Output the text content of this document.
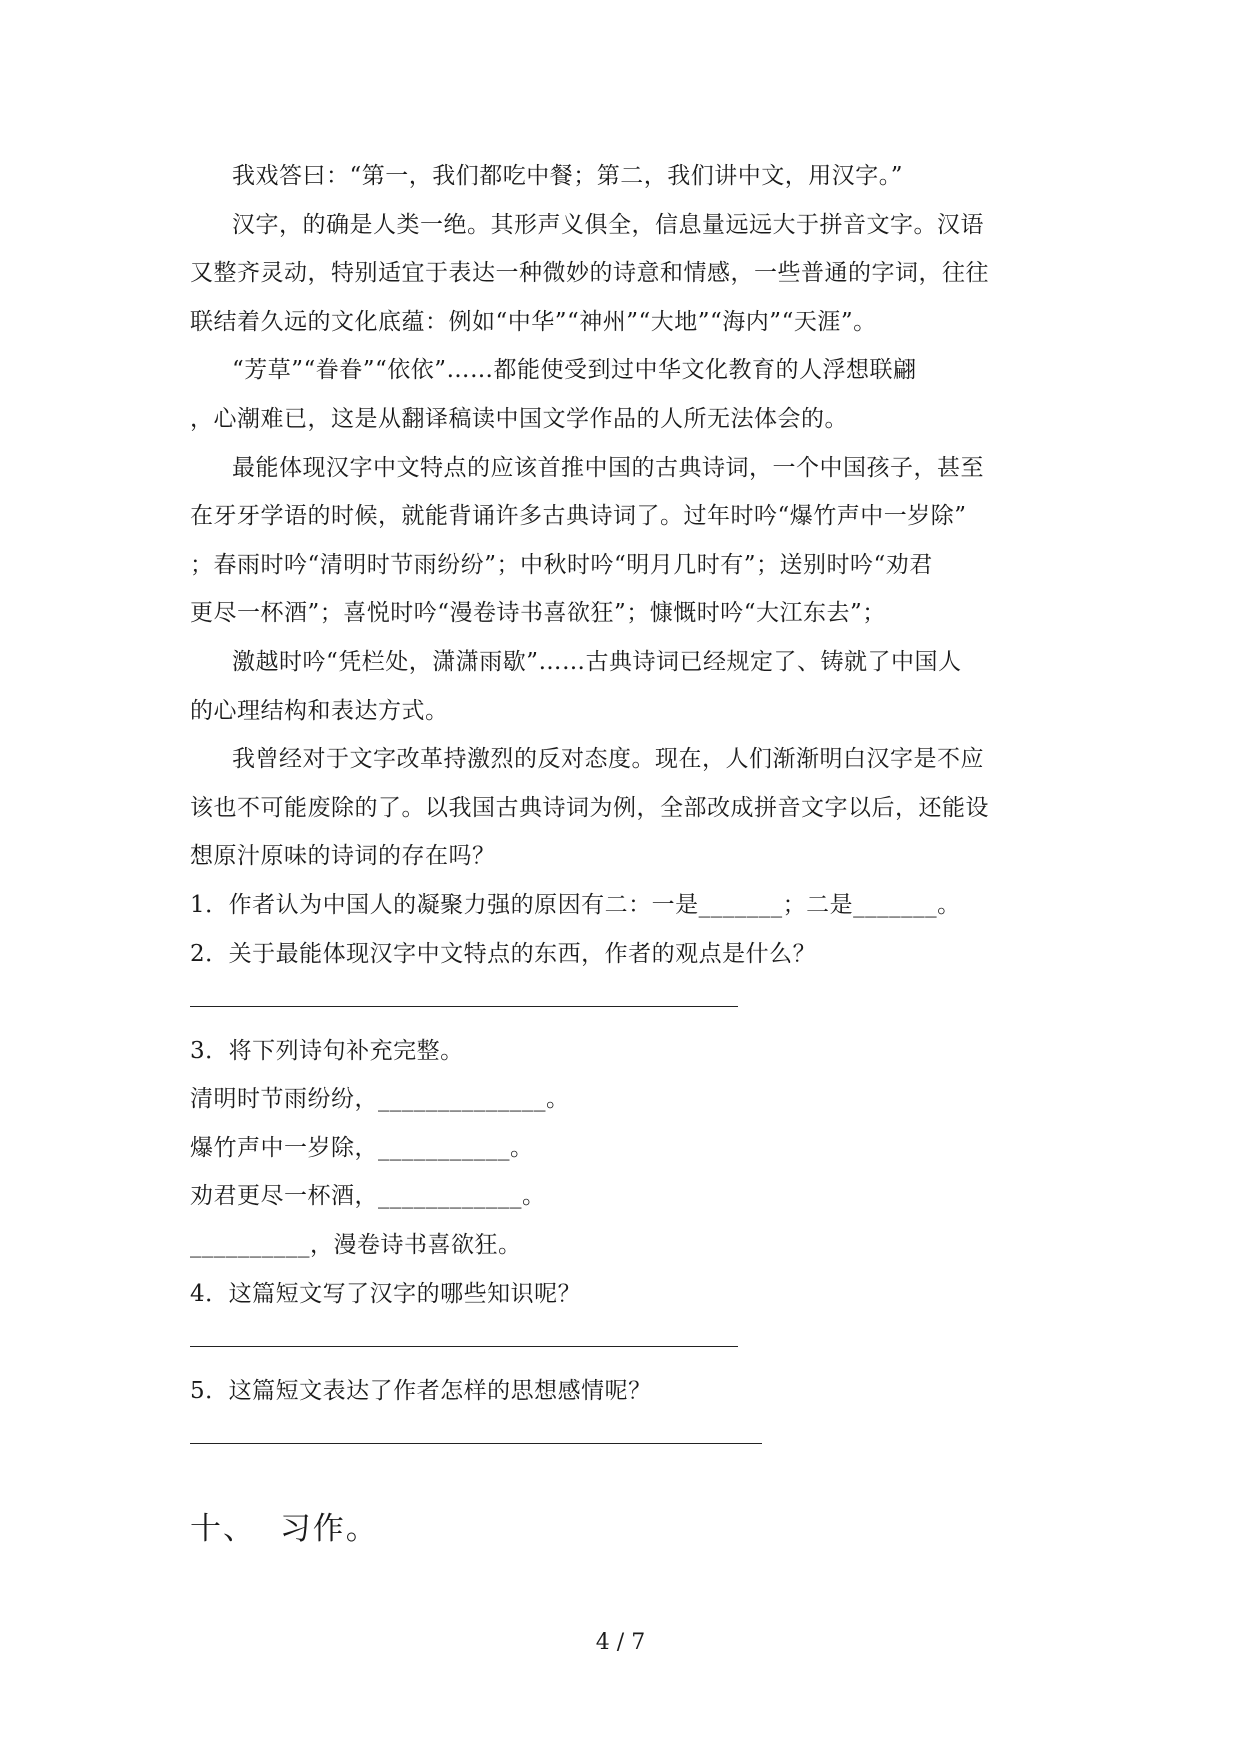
我戏答曰：“第一，我们都吃中餐；第二，我们讲中文，用汉字。”
汉字，的确是人类一绝。其形声义俱全，信息量远远大于拼音文字。汉语
又整齐灵动，特别适宜于表达一种微妙的诗意和情感，一些普通的字词，往往
联结着久远的文化底蕴：例如“中华”“神州”“大地”“海内”“天涯”。
“芳草”“眷眷”“依依”……都能使受到过中华文化教育的人浮想联翩
，心潮难已，这是从翻译稿读中国文学作品的人所无法体会的。
最能体现汉字中文特点的应该首推中国的古典诗词，一个中国孩子，甚至
在牙牙学语的时候，就能背诵许多古典诗词了。过年时吟“爆竹声中一岁除”
；春雨时吟“清明时节雨纷纷”；中秋时吟“明月几时有”；送别时吟“劝君
更尽一杯酒”；喜悦时吟“漫卷诗书喜欲狂”；慷慨时吟“大江东去”；
激越时吟“凭栏处，潇潇雨歇”……古典诗词已经规定了、铸就了中国人
的心理结构和表达方式。
我曾经对于文字改革持激烈的反对态度。现在，人们渐渐明白汉字是不应
该也不可能废除的了。以我国古典诗词为例，全部改成拼音文字以后，还能设
想原汁原味的诗词的存在吗？
1．作者认为中国人的凝聚力强的原因有二：一是_______；二是_______。
2．关于最能体现汉字中文特点的东西，作者的观点是什么？
3．将下列诗句补充完整。
清明时节雨纷纷，______________。
爆竹声中一岁除，___________。
劝君更尽一杯酒，____________。
__________，漫卷诗书喜欲狂。
4．这篇短文写了汉字的哪些知识呢？
5．这篇短文表达了作者怎样的思想感情呢？
十、  习作。
4 / 7
